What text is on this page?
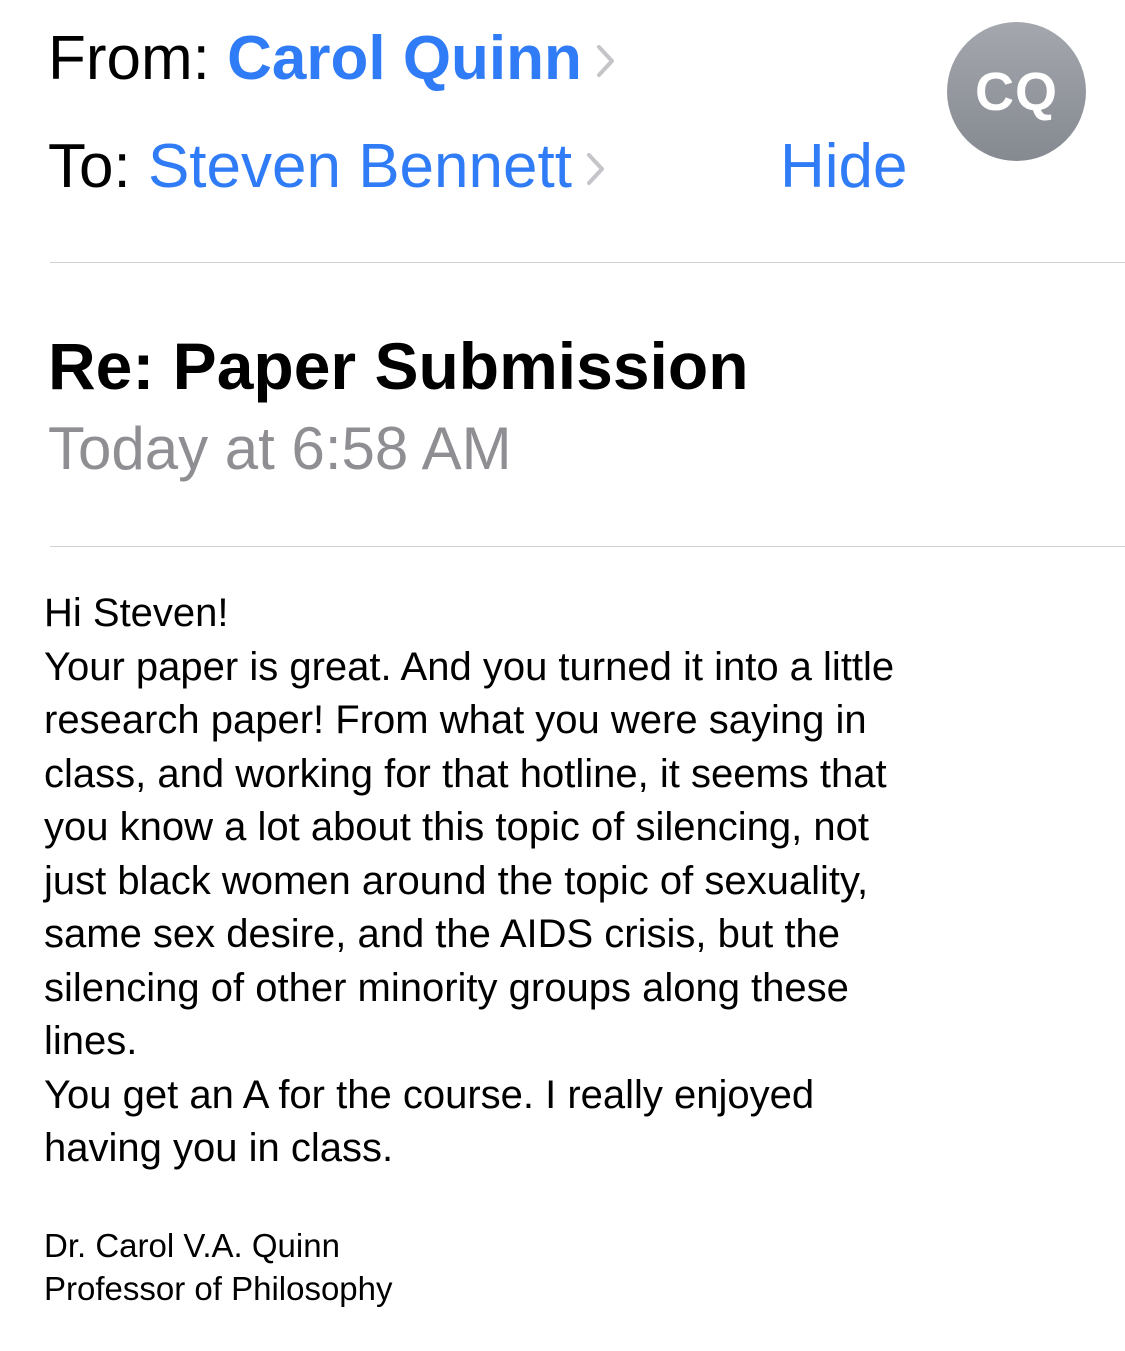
From: Carol Quinn
To: Steven Bennett	Hide
CQ
Re: Paper Submission
Today at 6:58 AM

Hi Steven!

Your paper is great. And you turned it into a little

research paper! From what you were saying in

class, and working for that hotline, it seems that

you know a lot about this topic of silencing, not

just black women around the topic of sexuality,

same sex desire, and the AIDS crisis, but the

silencing of other minority groups along these

lines.

You get an A for the course. I really enjoyed

having you in class.

Dr. Carol V.A. Quinn

Professor of Philosophy
